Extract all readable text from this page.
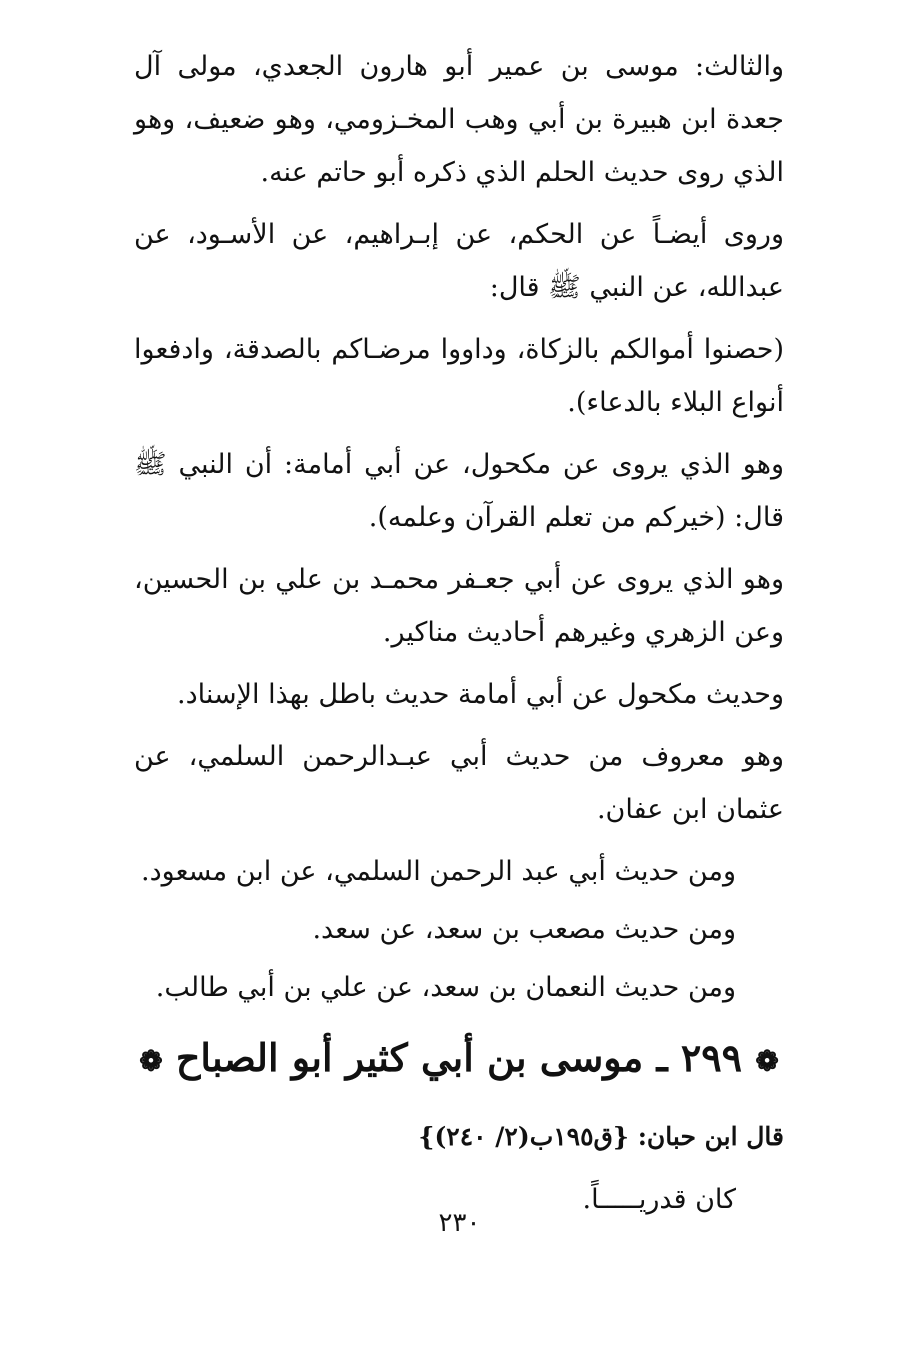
والثالث: موسى بن عمير أبو هارون الجعدي، مولى آل جعدة ابن هبيرة بن أبي وهب المخـزومي، وهو ضعيف، وهو الذي روى حديث الحلم الذي ذكره أبو حاتم عنه.

وروى أيضـاً عن الحكم، عن إبـراهيم، عن الأسـود، عن عبدالله، عن النبي ﷺ قال:

(حصنوا أموالكم بالزكاة، وداووا مرضـاكم بالصدقة، وادفعوا أنواع البلاء بالدعاء).

وهو الذي يروى عن مكحول، عن أبي أمامة: أن النبي ﷺ قال: (خيركم من تعلم القرآن وعلمه).

وهو الذي يروى عن أبي جعـفر محمـد بن علي بن الحسين، وعن الزهري وغيرهم أحاديث مناكير.

وحديث مكحول عن أبي أمامة حديث باطل بهذا الإسناد.

وهو معروف من حديث أبي عبـدالرحمن السلمي، عن عثمان ابن عفان.

ومن حديث أبي عبد الرحمن السلمي، عن ابن مسعود.

ومن حديث مصعب بن سعد، عن سعد.

ومن حديث النعمان بن سعد، عن علي بن أبي طالب.

❁ ٢٩٩ ـ موسى بن أبي كثير أبو الصباح ❁

قال ابن حبان: {ق١٩٥ب(٢/ ٢٤٠)}

كان قدريـــــاً.

٢٣٠
